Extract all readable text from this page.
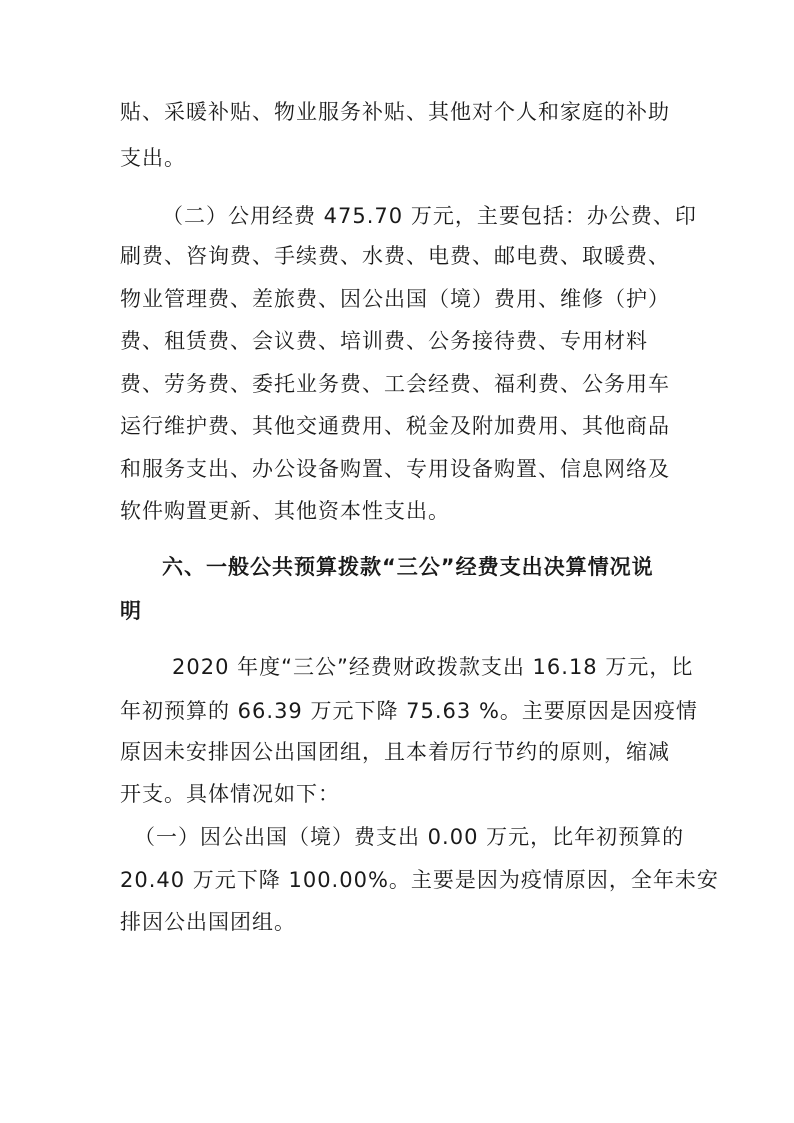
贴、采暖补贴、物业服务补贴、其他对个人和家庭的补助

支出。

（二）公用经费 475.70 万元，主要包括：办公费、印

刷费、咨询费、手续费、水费、电费、邮电费、取暖费、

物业管理费、差旅费、因公出国（境）费用、维修（护）

费、租赁费、会议费、培训费、公务接待费、专用材料

费、劳务费、委托业务费、工会经费、福利费、公务用车

运行维护费、其他交通费用、税金及附加费用、其他商品

和服务支出、办公设备购置、专用设备购置、信息网络及

软件购置更新、其他资本性支出。

六、一般公共预算拨款“三公”经费支出决算情况说

明

2020 年度“三公”经费财政拨款支出 16.18 万元，比

年初预算的 66.39 万元下降 75.63 %。主要原因是因疫情

原因未安排因公出国团组，且本着厉行节约的原则，缩减

开支。具体情况如下：

（一）因公出国（境）费支出 0.00 万元，比年初预算的

20.40 万元下降 100.00%。主要是因为疫情原因，全年未安

排因公出国团组。
